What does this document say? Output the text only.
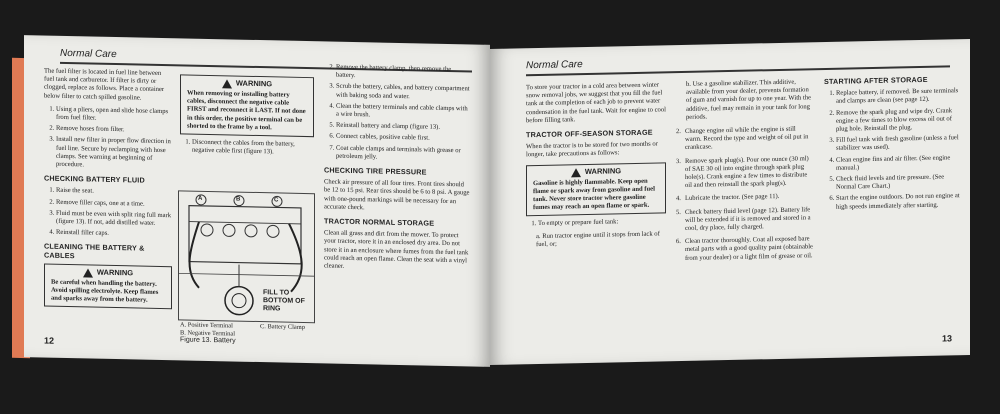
Normal Care

The fuel filter is located in fuel line between fuel tank and carburetor. If filter is dirty or clogged, replace as follows. Place a container below filter to catch spilled gasoline.

1. Using a pliers, open and slide hose clamps from fuel filter.
2. Remove hoses from filter.
3. Install new filter in proper flow direction in fuel line. Secure by reclamping with hose clamps. See warning at beginning of procedure.
CHECKING BATTERY FLUID
1. Raise the seat.
2. Remove filler caps, one at a time.
3. Fluid must be even with split ring full mark (figure 13). If not, add distilled water.
4. Reinstall filler caps.
CLEANING THE BATTERY & CABLES
WARNING
Be careful when handling the battery. Avoid spilling electrolyte. Keep flames and sparks away from the battery.
WARNING
When removing or installing battery cables, disconnect the negative cable FIRST and reconnect it LAST. If not done in this order, the positive terminal can be shorted to the frame by a tool.
1. Disconnect the cables from the battery, negative cable first (figure 13).
A	B	C
FILL TO BOTTOM OF RING
A. Positive Terminal
B. Negative Terminal
Figure 13. Battery
C. Battery Clamp
2. Remove the battery clamp, then remove the battery.
3. Scrub the battery, cables, and battery compartment with baking soda and water.
4. Clean the battery terminals and cable clamps with a wire brush.
5. Reinstall battery and clamp (figure 13).
6. Connect cables, positive cable first.
7. Coat cable clamps and terminals with grease or petroleum jelly.
CHECKING TIRE PRESSURE

Check air pressure of all four tires. Front tires should be 12 to 15 psi. Rear tires should be 6 to 8 psi. A gauge with one-pound markings will be necessary for an accurate check.

TRACTOR NORMAL STORAGE

Clean all grass and dirt from the mower. To protect your tractor, store it in an enclosed dry area. Do not store it in an enclosure where fumes from the fuel tank could reach an open flame. Clean the seat with a vinyl cleaner.

12
Normal Care

To store your tractor in a cold area between winter snow removal jobs, we suggest that you fill the fuel tank at the completion of each job to prevent water condensation in the fuel tank. Wait for engine to cool before filling tank.

TRACTOR OFF-SEASON STORAGE

When the tractor is to be stored for two months or longer, take precautions as follows:

WARNING
Gasoline is highly flammable. Keep open flame or spark away from gasoline and fuel tank. Never store tractor where gasoline fumes may reach an open flame or spark.
1. To empty or prepare fuel tank:
a. Run tractor engine until it stops from lack of fuel, or;
b. Use a gasoline stabilizer. This additive, available from your dealer, prevents formation of gum and varnish for up to one year. With the additive, fuel may remain in your tank for long periods.
2. Change engine oil while the engine is still warm. Record the type and weight of oil put in crankcase.
3. Remove spark plug(s). Pour one ounce (30 ml) of SAE 30 oil into engine through spark plug hole(s). Crank engine a few times to distribute oil and then reinstall the spark plug(s).
4. Lubricate the tractor. (See page 11).
5. Check battery fluid level (page 12). Battery life will be extended if it is removed and stored in a cool, dry place, fully charged.
6. Clean tractor thoroughly. Coat all exposed bare metal parts with a good quality paint (obtainable from your dealer) or a light film of grease or oil.
STARTING AFTER STORAGE
1. Replace battery, if removed. Be sure terminals and clamps are clean (see page 12).
2. Remove the spark plug and wipe dry. Crank engine a few times to blow excess oil out of plug hole. Reinstall the plug.
3. Fill fuel tank with fresh gasoline (unless a fuel stabilizer was used).
4. Clean engine fins and air filter. (See engine manual.)
5. Check fluid levels and tire pressure. (See Normal Care Chart.)
6. Start the engine outdoors. Do not run engine at high speeds immediately after starting.
13
